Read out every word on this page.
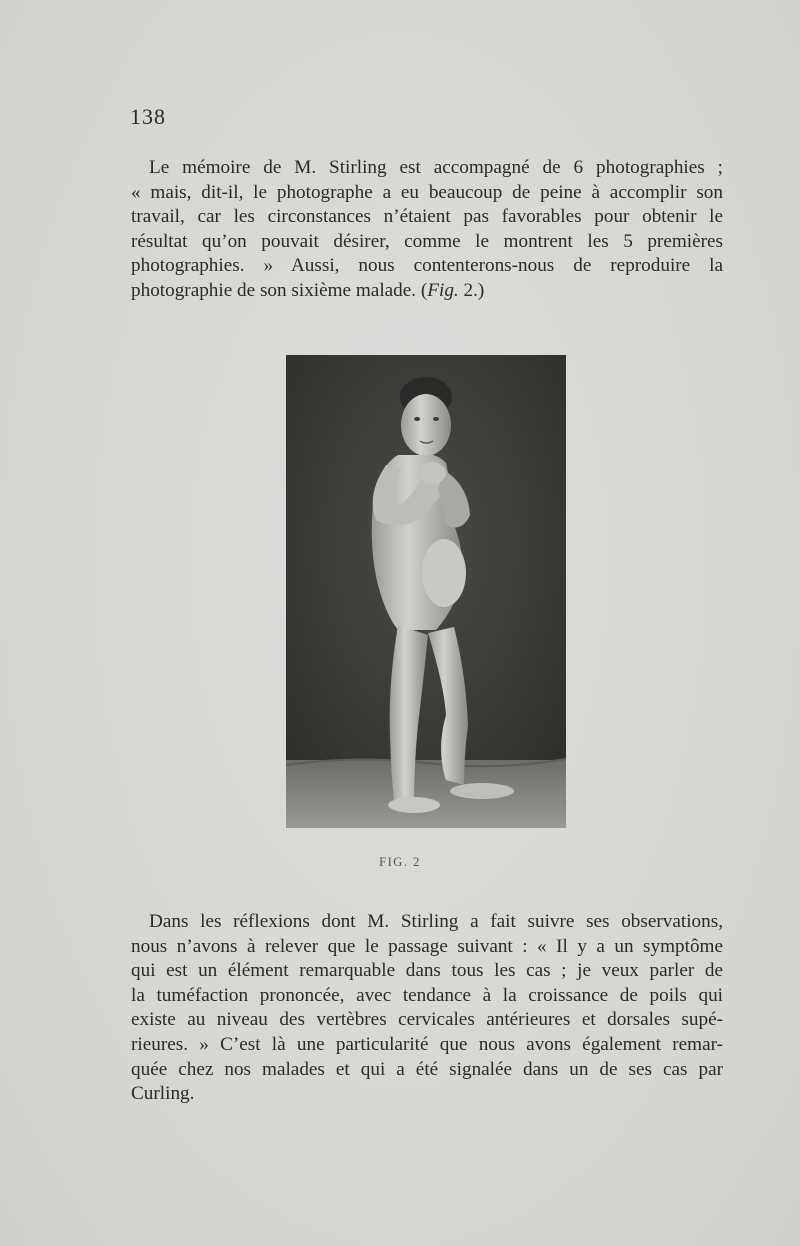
138

Le mémoire de M. Stirling est accompagné de 6 photographies ;
« mais, dit-il, le photographe a eu beaucoup de peine à accomplir son
travail, car les circonstances n’étaient pas favorables pour obtenir le
résultat qu’on pouvait désirer, comme le montrent les 5 premières
photographies. » Aussi, nous contenterons-nous de reproduire la
photographie de son sixième malade. (Fig. 2.)

FIG. 2

Dans les réflexions dont M. Stirling a fait suivre ses observations,
nous n’avons à relever que le passage suivant : « Il y a un symptôme
qui est un élément remarquable dans tous les cas ; je veux parler de
la tuméfaction prononcée, avec tendance à la croissance de poils qui
existe au niveau des vertèbres cervicales antérieures et dorsales supé-
rieures. » C’est là une particularité que nous avons également remar-
quée chez nos malades et qui a été signalée dans un de ses cas par
Curling.
